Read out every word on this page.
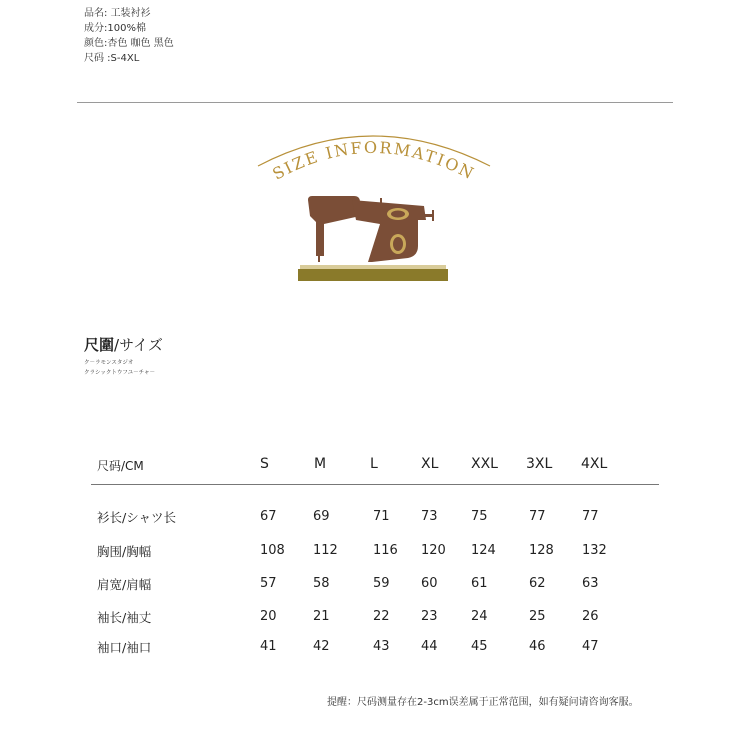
品名: 工装衬衫
成分:100%棉
颜色:杏色 咖色 黑色
尺码 :S-4XL
SIZE INFORMATION
尺圍/サイズ
ク－ラモンスタジオ
クラシックトウフユ－チャ－
尺码/CM	S	M	L	XL XXL 3XL 4XL
衫长/シャツ长	67	69	71 73	75	77	77
胸围/胸幅	108 112	116 120 124	128 132
肩宽/肩幅	57	58	59 60	61	62	63
袖长/袖丈	20	21	22 23	24	25	26
袖口/袖口	41	42	43 44	45	46	47
提醒：尺码测量存在2-3cm误差属于正常范围，如有疑问请咨询客服。
